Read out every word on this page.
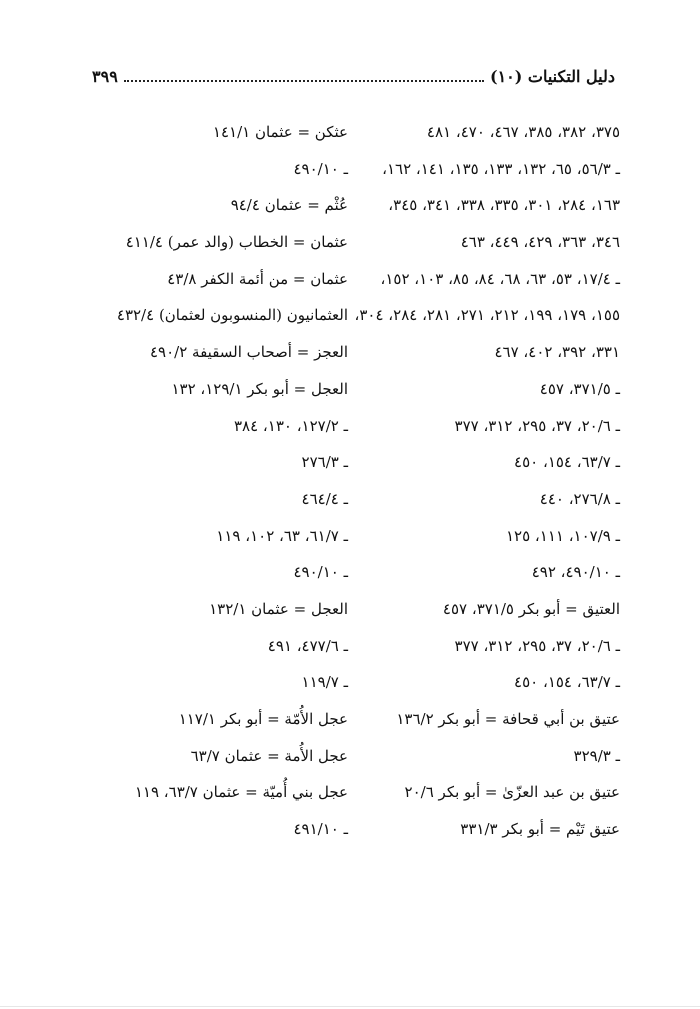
دليل التكنيات (١٠)
٣٩٩
٣٧٥، ٣٨٢، ٣٨٥، ٤٦٧، ٤٧٠، ٤٨١
ـ ٥٦/٣، ٦٥، ١٣٢، ١٣٣، ١٣٥، ١٤١، ١٦٢،
١٦٣، ٢٨٤، ٣٠١، ٣٣٥، ٣٣٨، ٣٤١، ٣٤٥،
٣٤٦، ٣٦٣، ٤٢٩، ٤٤٩، ٤٦٣
ـ ١٧/٤، ٥٣، ٦٣، ٦٨، ٨٤، ٨٥، ١٠٣، ١٥٢،
١٥٥، ١٧٩، ١٩٩، ٢١٢، ٢٧١، ٢٨١، ٢٨٤، ٣٠٤،
٣٣١، ٣٩٢، ٤٠٢، ٤٦٧
ـ ٣٧١/٥، ٤٥٧
ـ ٢٠/٦، ٣٧، ٢٩٥، ٣١٢، ٣٧٧
ـ ٦٣/٧، ١٥٤، ٤٥٠
ـ ٢٧٦/٨، ٤٤٠
ـ ١٠٧/٩، ١١١، ١٢٥
ـ ٤٩٠/١٠، ٤٩٢
العتيق = أبو بكر ٣٧١/٥، ٤٥٧
ـ ٢٠/٦، ٣٧، ٢٩٥، ٣١٢، ٣٧٧
ـ ٦٣/٧، ١٥٤، ٤٥٠
عتيق بن أبي قحافة = أبو بكر ١٣٦/٢
ـ ٣٢٩/٣
عتيق بن عبد العزّىٰ = أبو بكر ٢٠/٦
عتيق تَيْم = أبو بكر ٣٣١/٣
عثكن = عثمان ١٤١/١
ـ ٤٩٠/١٠
عُثْم = عثمان ٩٤/٤
عثمان = الخطاب (والد عمر) ٤١١/٤
عثمان = من أئمة الكفر ٤٣/٨
العثمانيون (المنسوبون لعثمان) ٤٣٢/٤
العجز = أصحاب السقيفة ٤٩٠/٢
العجل = أبو بكر ١٢٩/١، ١٣٢
ـ ١٢٧/٢، ١٣٠، ٣٨٤
ـ ٢٧٦/٣
ـ ٤٦٤/٤
ـ ٦١/٧، ٦٣، ١٠٢، ١١٩
ـ ٤٩٠/١٠
العجل = عثمان ١٣٢/١
ـ ٤٧٧/٦، ٤٩١
ـ ١١٩/٧
عجل الأُمّة = أبو بكر ١١٧/١
عجل الأُمة = عثمان ٦٣/٧
عجل بني أُميّة = عثمان ٦٣/٧، ١١٩
ـ ٤٩١/١٠
